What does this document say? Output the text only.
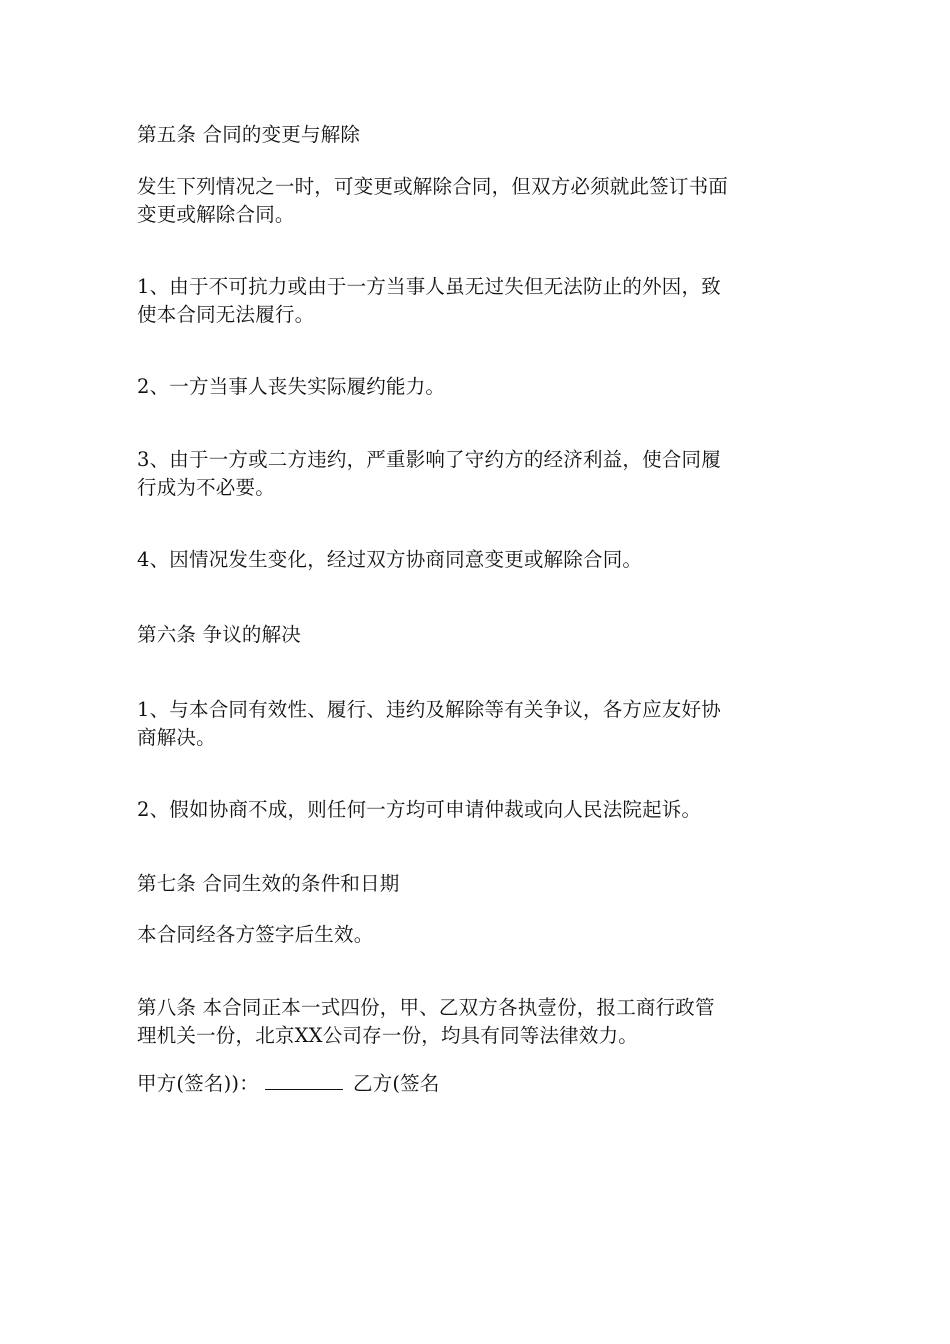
第五条 合同的变更与解除
发生下列情况之一时，可变更或解除合同，但双方必须就此签订书面
变更或解除合同。
1、由于不可抗力或由于一方当事人虽无过失但无法防止的外因，致
使本合同无法履行。
2、一方当事人丧失实际履约能力。
3、由于一方或二方违约，严重影响了守约方的经济利益，使合同履
行成为不必要。
4、因情况发生变化，经过双方协商同意变更或解除合同。
第六条 争议的解决
1、与本合同有效性、履行、违约及解除等有关争议，各方应友好协
商解决。
2、假如协商不成，则任何一方均可申请仲裁或向人民法院起诉。
第七条 合同生效的条件和日期
本合同经各方签字后生效。
第八条 本合同正本一式四份，甲、乙双方各执壹份，报工商行政管
理机关一份，北京XX公司存一份，均具有同等法律效力。
甲方(签名))：	乙方(签名
